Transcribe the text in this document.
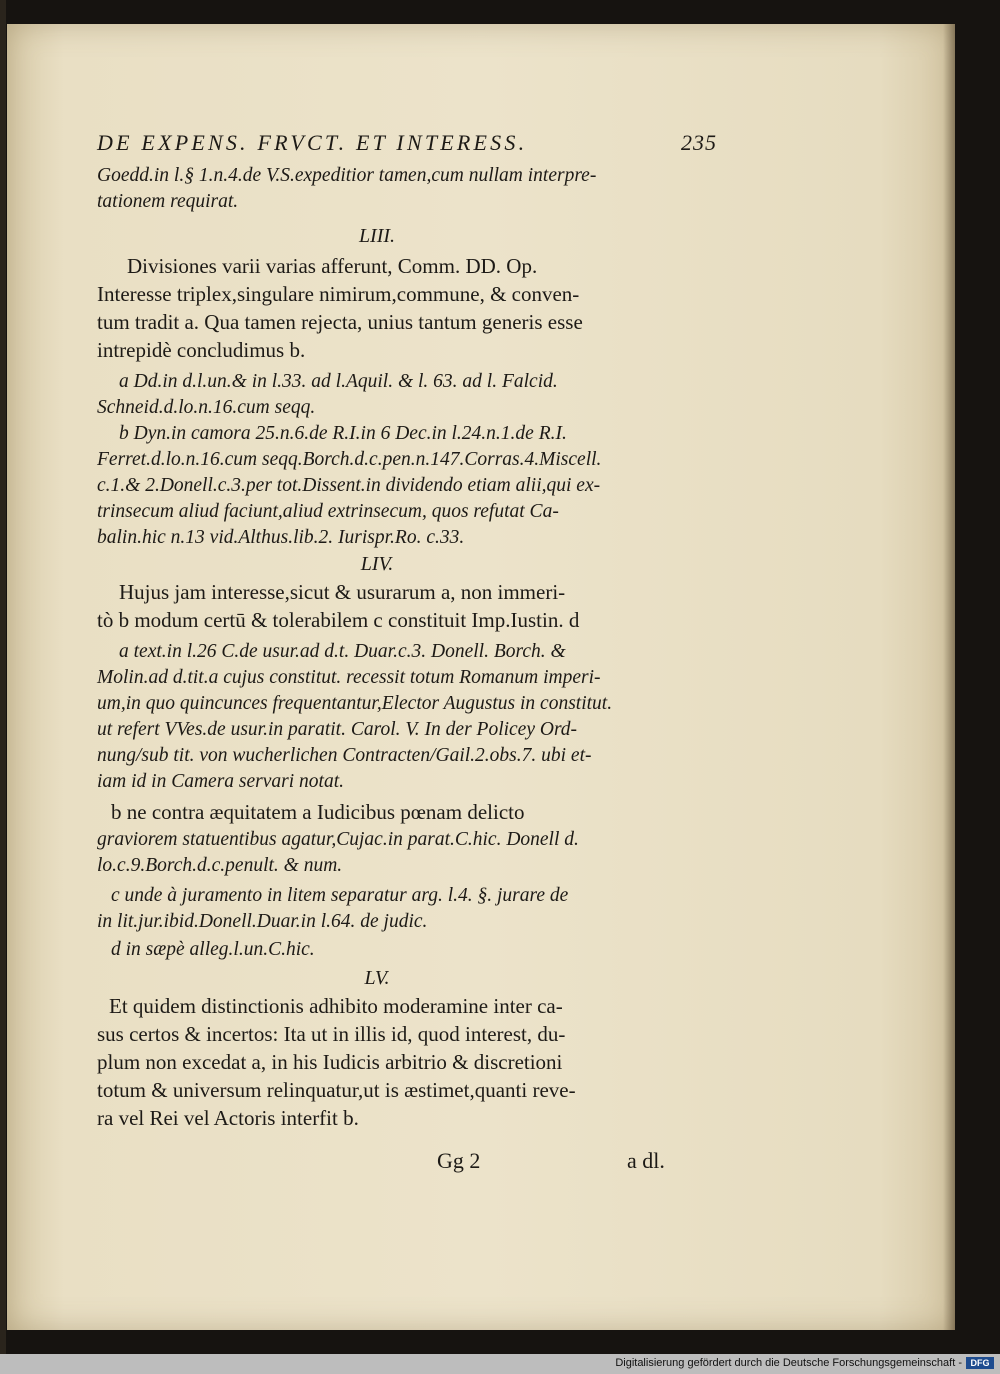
DE EXPENS. FRVCT. ET INTERESS.	235
Goedd.in l.§ 1.n.4.de V.S.expeditior tamen,cum nullam interpre-
tationem requirat.
LIII.
Divisiones varii varias afferunt, Comm. DD. Op.
Interesse triplex,singulare nimirum,commune, & conven-
tum tradit a. Qua tamen rejecta, unius tantum generis esse
intrepidè concludimus b.
a Dd.in d.l.un.& in l.33. ad l.Aquil. & l. 63. ad l. Falcid.
Schneid.d.lo.n.16.cum seqq.
b Dyn.in camora 25.n.6.de R.I.in 6 Dec.in l.24.n.1.de R.I.
Ferret.d.lo.n.16.cum seqq.Borch.d.c.pen.n.147.Corras.4.Miscell.
c.1.& 2.Donell.c.3.per tot.Dissent.in dividendo etiam alii,qui ex-
trinsecum aliud faciunt,aliud extrinsecum, quos refutat Ca-
balin.hic n.13 vid.Althus.lib.2. Iurispr.Ro. c.33.
LIV.
Hujus jam interesse,sicut & usurarum a, non immeri-
tò b modum certū & tolerabilem c constituit Imp.Iustin. d
a text.in l.26 C.de usur.ad d.t. Duar.c.3. Donell. Borch. &
Molin.ad d.tit.a cujus constitut. recessit totum Romanum imperi-
um,in quo quincunces frequentantur,Elector Augustus in constitut.
ut refert VVes.de usur.in paratit. Carol. V. In der Policey Ord-
nung/sub tit. von wucherlichen Contracten/Gail.2.obs.7. ubi et-
iam id in Camera servari notat.
b ne contra æquitatem a Iudicibus pœnam delicto
graviorem statuentibus agatur,Cujac.in parat.C.hic. Donell d.
lo.c.9.Borch.d.c.penult. & num.
c unde à juramento in litem separatur arg. l.4. §. jurare de
in lit.jur.ibid.Donell.Duar.in l.64. de judic.
d in sæpè alleg.l.un.C.hic.
LV.
Et quidem distinctionis adhibito moderamine inter ca-
sus certos & incertos: Ita ut in illis id, quod interest, du-
plum non excedat a, in his Iudicis arbitrio & discretioni
totum & universum relinquatur,ut is æstimet,quanti reve-
ra vel Rei vel Actoris interfit b.
Gg 2	a dl.
Digitalisierung gefördert durch die Deutsche Forschungsgemeinschaft - DFG
